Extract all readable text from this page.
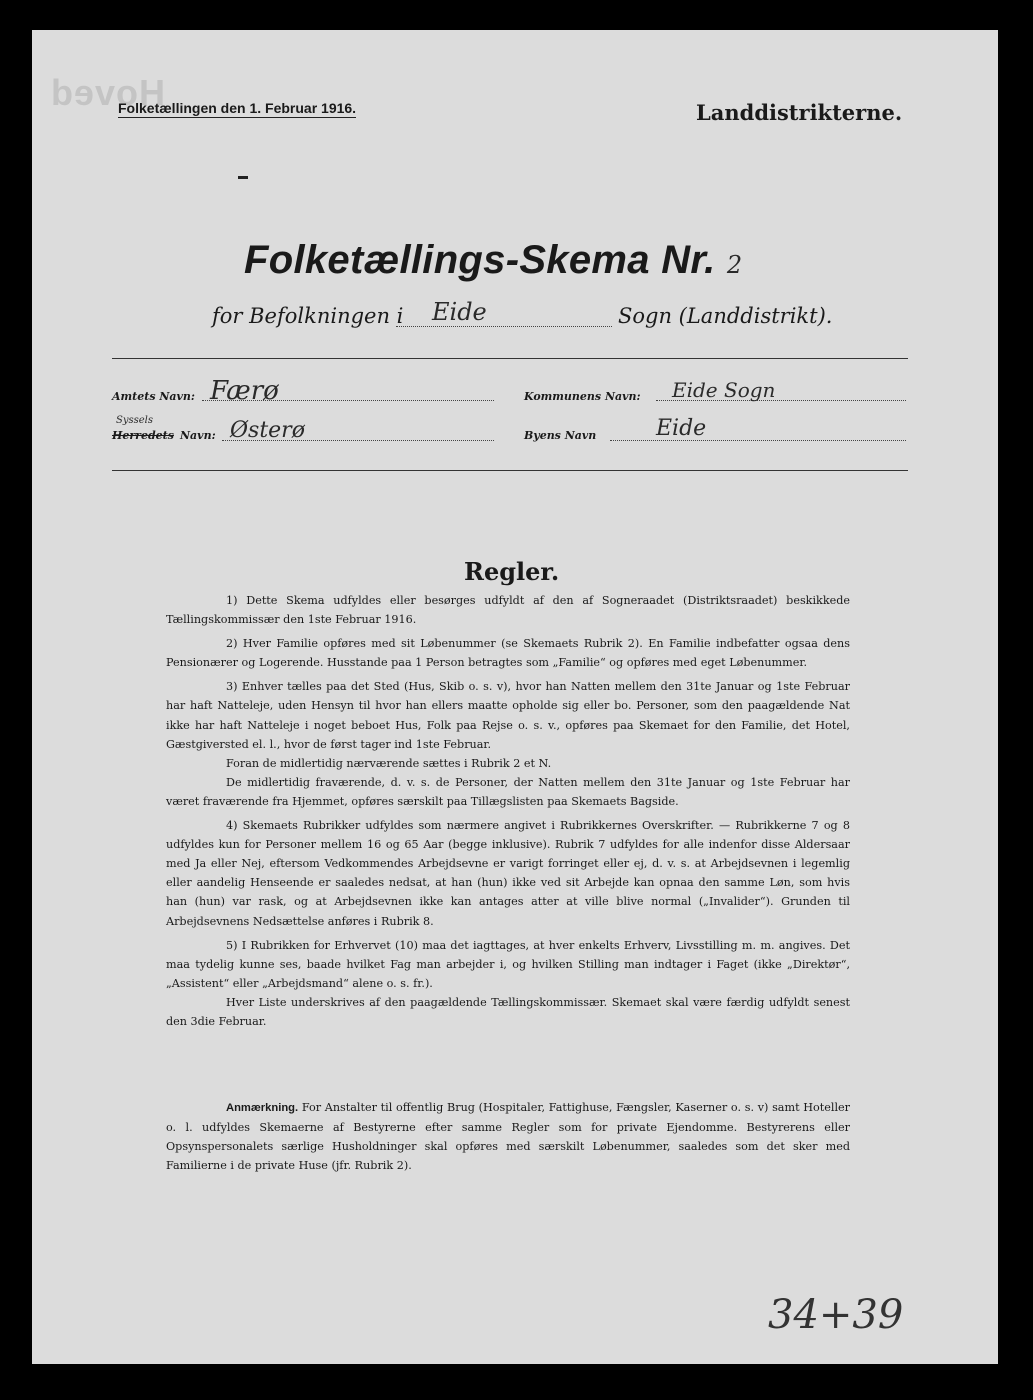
Hoved
Folketællingen den 1. Februar 1916.	Landdistrikterne.
Folketællings-Skema Nr. 2
for Befolkningen i Eide	Sogn (Landdistrikt).
Amtets Navn: Færø	Kommunens Navn: Eide Sogn
Syssels
Herredets Navn: Østerø	Byens Navn	Eide
Regler.

1) Dette Skema udfyldes eller besørges udfyldt af den af Sogneraadet (Distriktsraadet) beskikkede Tællingskommissær den 1ste Februar 1916.

2) Hver Familie opføres med sit Løbenummer (se Skemaets Rubrik 2). En Familie indbefatter ogsaa dens Pensionærer og Logerende. Husstande paa 1 Person betragtes som „Familie“ og opføres med eget Løbenummer.

3) Enhver tælles paa det Sted (Hus, Skib o. s. v), hvor han Natten mellem den 31te Januar og 1ste Februar har haft Natteleje, uden Hensyn til hvor han ellers maatte opholde sig eller bo. Personer, som den paagældende Nat ikke har haft Natteleje i noget beboet Hus, Folk paa Rejse o. s. v., opføres paa Skemaet for den Familie, det Hotel, Gæstgiversted el. l., hvor de først tager ind 1ste Februar.

Foran de midlertidig nærværende sættes i Rubrik 2 et N.

De midlertidig fraværende, d. v. s. de Personer, der Natten mellem den 31te Januar og 1ste Februar har været fraværende fra Hjemmet, opføres særskilt paa Tillægslisten paa Skemaets Bagside.

4) Skemaets Rubrikker udfyldes som nærmere angivet i Rubrikkernes Overskrifter. — Rubrikkerne 7 og 8 udfyldes kun for Personer mellem 16 og 65 Aar (begge inklusive). Rubrik 7 udfyldes for alle indenfor disse Aldersaar med Ja eller Nej, eftersom Vedkommendes Arbejdsevne er varigt forringet eller ej, d. v. s. at Arbejdsevnen i legemlig eller aandelig Henseende er saaledes nedsat, at han (hun) ikke ved sit Arbejde kan opnaa den samme Løn, som hvis han (hun) var rask, og at Arbejdsevnen ikke kan antages atter at ville blive normal („Invalider“). Grunden til Arbejdsevnens Nedsættelse anføres i Rubrik 8.

5) I Rubrikken for Erhvervet (10) maa det iagttages, at hver enkelts Erhverv, Livsstilling m. m. angives. Det maa tydelig kunne ses, baade hvilket Fag man arbejder i, og hvilken Stilling man indtager i Faget (ikke „Direktør“, „Assistent“ eller „Arbejdsmand“ alene o. s. fr.).

Hver Liste underskrives af den paagældende Tællingskommissær. Skemaet skal være færdig udfyldt senest den 3die Februar.

Anmærkning. For Anstalter til offentlig Brug (Hospitaler, Fattighuse, Fængsler, Kaserner o. s. v) samt Hoteller o. l. udfyldes Skemaerne af Bestyrerne efter samme Regler som for private Ejendomme. Bestyrerens eller Opsynspersonalets særlige Husholdninger skal opføres med særskilt Løbenummer, saaledes som det sker med Familierne i de private Huse (jfr. Rubrik 2).
34+39
